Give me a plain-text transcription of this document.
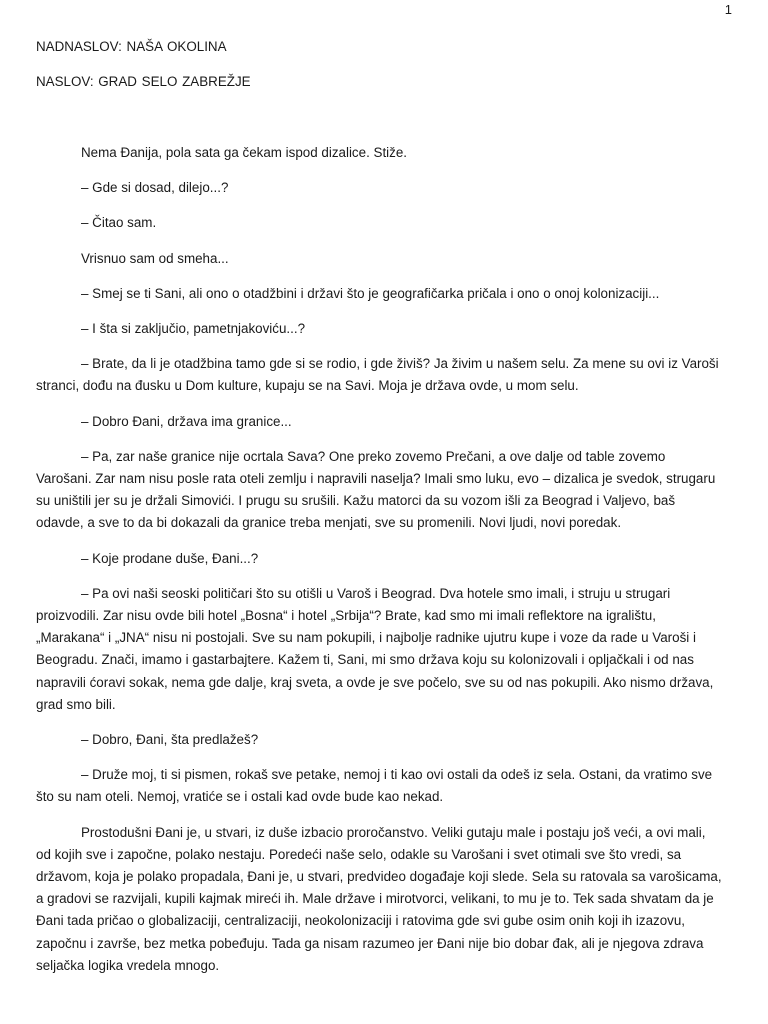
1
NADNASLOV: NAŠA OKOLINA
NASLOV: GRAD SELO ZABREŽJE

Nema Đanija, pola sata ga čekam ispod dizalice. Stiže.

– Gde si dosad, dilejo...?

– Čitao sam.

Vrisnuo sam od smeha...

– Smej se ti Sani, ali ono o otadžbini i državi što je geografičarka pričala i ono o onoj kolonizaciji...

– I šta si zaključio, pametnjakoviću...?

– Brate, da li je otadžbina tamo gde si se rodio, i gde živiš? Ja živim u našem selu. Za mene su ovi iz Varoši stranci, dođu na đusku u Dom kulture, kupaju se na Savi. Moja je država ovde, u mom selu.

– Dobro Đani, država ima granice...

– Pa, zar naše granice nije ocrtala Sava? One preko zovemo Prečani, a ove dalje od table zovemo Varošani. Zar nam nisu posle rata oteli zemlju i napravili naselja? Imali smo luku, evo – dizalica je svedok, strugaru su uništili jer su je držali Simovići. I prugu su srušili. Kažu matorci da su vozom išli za Beograd i Valjevo, baš odavde, a sve to da bi dokazali da granice treba menjati, sve su promenili. Novi ljudi, novi poredak.

– Koje prodane duše, Đani...?

– Pa ovi naši seoski političari što su otišli u Varoš i Beograd. Dva hotele smo imali, i struju u strugari proizvodili. Zar nisu ovde bili hotel „Bosna“ i hotel „Srbija“? Brate, kad smo mi imali reflektore na igralištu, „Marakana“ i „JNA“ nisu ni postojali. Sve su nam pokupili, i najbolje radnike ujutru kupe i voze da rade u Varoši i Beogradu. Znači, imamo i gastarbajtere. Kažem ti, Sani, mi smo država koju su kolonizovali i opljačkali i od nas napravili ćoravi sokak, nema gde dalje, kraj sveta, a ovde je sve počelo, sve su od nas pokupili. Ako nismo država, grad smo bili.

– Dobro, Đani, šta predlažeš?

– Druže moj, ti si pismen, rokaš sve petake, nemoj i ti kao ovi ostali da odeš iz sela. Ostani, da vratimo sve što su nam oteli. Nemoj, vratiće se i ostali kad ovde bude kao nekad.

Prostodušni Đani je, u stvari, iz duše izbacio proročanstvo. Veliki gutaju male i postaju još veći, a ovi mali, od kojih sve i započne, polako nestaju. Poredeći naše selo, odakle su Varošani i svet otimali sve što vredi, sa državom, koja je polako propadala, Đani je, u stvari, predvideo događaje koji slede. Sela su ratovala sa varošicama, a gradovi se razvijali, kupili kajmak mireći ih. Male države i mirotvorci, velikani, to mu je to. Tek sada shvatam da je Đani tada pričao o globalizaciji, centralizaciji, neokolonizaciji i ratovima gde svi gube osim onih koji ih izazovu, započnu i završe, bez metka pobeđuju. Tada ga nisam razumeo jer Đani nije bio dobar đak, ali je njegova zdrava seljačka logika vredela mnogo.
